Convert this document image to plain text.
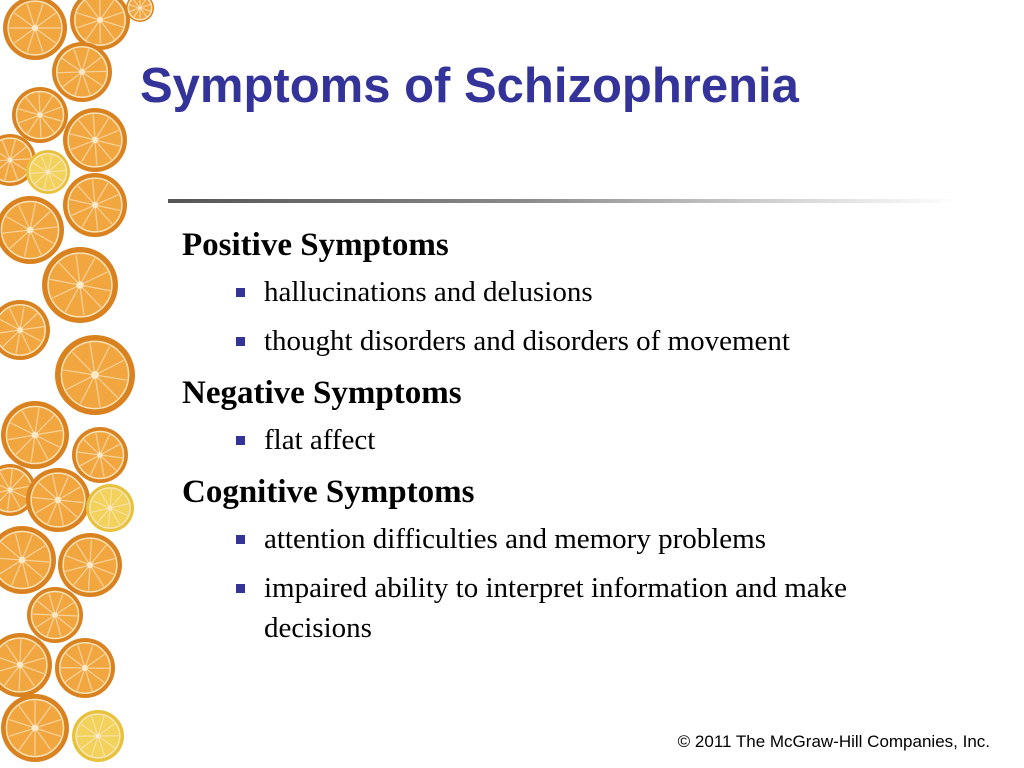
Symptoms of Schizophrenia
Positive Symptoms
hallucinations and delusions
thought disorders and disorders of movement
Negative Symptoms
flat affect
Cognitive Symptoms
attention difficulties and memory problems
impaired ability to interpret information and make decisions
© 2011 The McGraw-Hill Companies, Inc.
